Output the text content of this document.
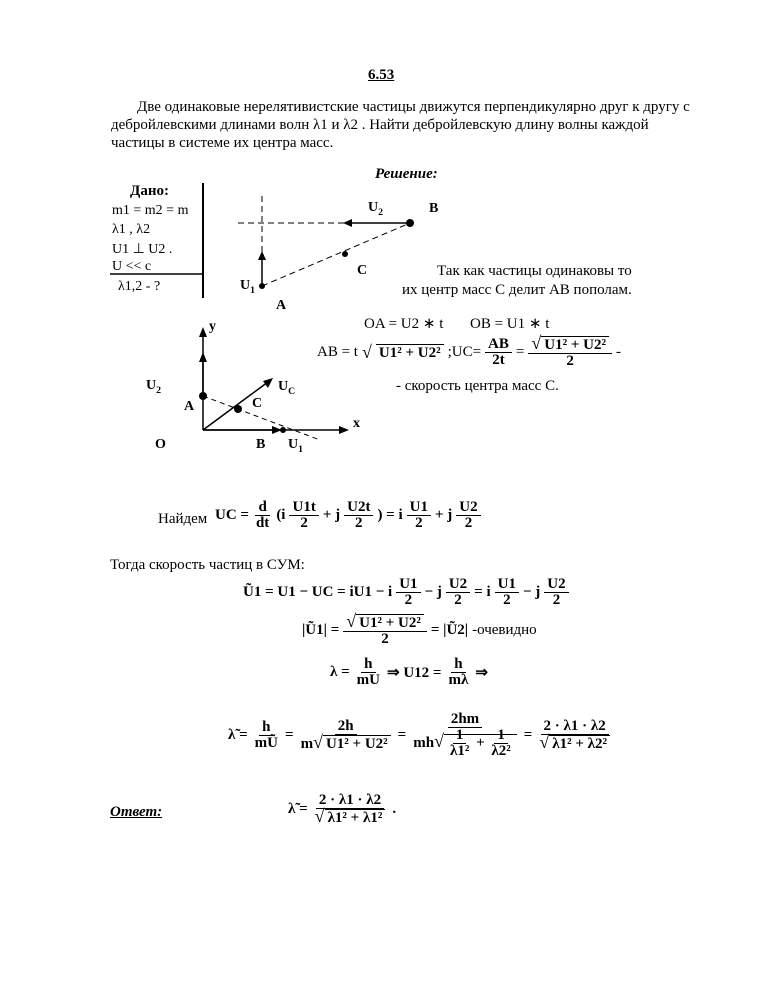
6.53
Две одинаковые нерелятивистские частицы движутся перпендикулярно друг к другу с
дебройлевскими длинами волн λ1 и λ2 . Найти дебройлевскую длину волны каждой
частицы в системе их центра масс.
Решение:
Дано:
m1 = m2 = m
λ1 , λ2
U1 ⊥ U2 .
U << c
λ1,2 - ?
$U_2$	B
C
$U_1$
A
Так как частицы одинаковы то
их центр масс C делит AB пополам.
OA = U2 ∗ t OB = U1 ∗ t
AB = t √ U1² + U2² ;UC= $\frac{AB}{2t} = \frac{\text{√ U1² + U2²}}{2}$ -
- скорость центра масс C.
y
x
O
A	C
B
$U_2$
$U_1$
$U_C$
Найдем UC = $\frac{d}{dt} (i \frac{U1t}{2} + j \frac{U2t}{2}$ ) = i $\frac{U1}{2} + j \frac{U2}{2}$
Тогда скорость частиц в СУМ:
Ũ1 = U1 − UC = iU1 − i $\frac{U1}{2} - j \frac{U2}{2} = i \frac{U1}{2} - j \frac{U2}{2}$
|Ũ1| = $\frac{\text{√ U1² + U2²}}{2}$ = |Ũ2| -очевидно
$\lambda = \frac{h}{mU}$ ⇒ $U12 = \frac{h}{m\lambda}$ ⇒
λ̃ = $\frac{h}{mŨ} = \frac{2h}{\text{m√ U1² + U2²}} = \frac{2hm}{mh√ \frac{1}{\text{λ1²}} + \frac{1}{\text{λ2²}}} = \frac{2 \cdot \lambda 1 \cdot \lambda 2}{\text{√ λ1² + λ2²}}$
Ответ:	λ̃ = $\frac{2 \cdot \lambda 1 \cdot \lambda 2}{\text{√ λ1² + λ1²}}$ .
